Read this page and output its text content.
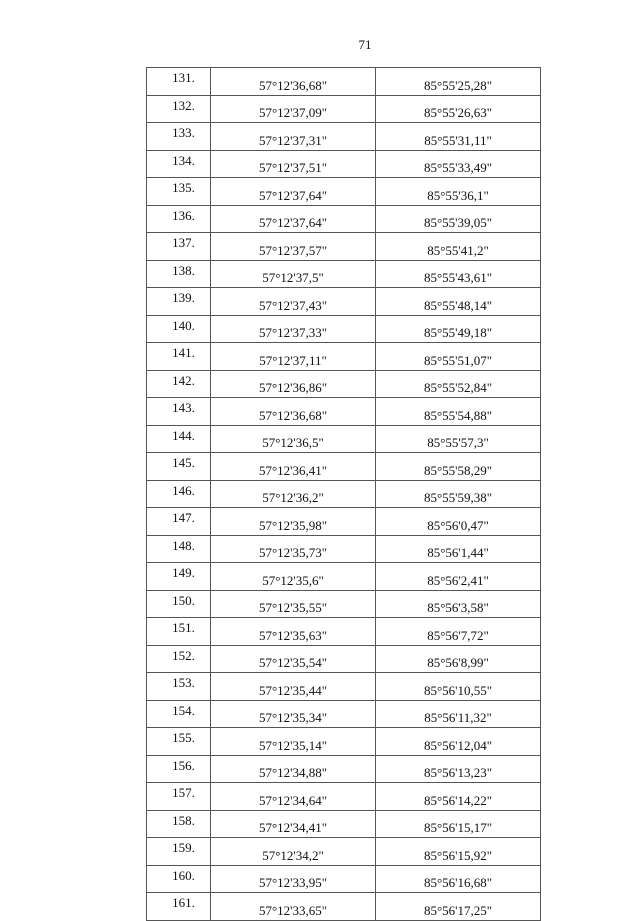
71
131.	57°12'36,68"	85°55'25,28"
132.	57°12'37,09"	85°55'26,63"
133.	57°12'37,31"	85°55'31,11"
134.	57°12'37,51"	85°55'33,49"
135.	57°12'37,64"	85°55'36,1"
136.	57°12'37,64"	85°55'39,05"
137.	57°12'37,57"	85°55'41,2"
138.	57°12'37,5"	85°55'43,61"
139.	57°12'37,43"	85°55'48,14"
140.	57°12'37,33"	85°55'49,18"
141.	57°12'37,11"	85°55'51,07"
142.	57°12'36,86"	85°55'52,84"
143.	57°12'36,68"	85°55'54,88"
144.	57°12'36,5"	85°55'57,3"
145.	57°12'36,41"	85°55'58,29"
146.	57°12'36,2"	85°55'59,38"
147.	57°12'35,98"	85°56'0,47"
148.	57°12'35,73"	85°56'1,44"
149.	57°12'35,6"	85°56'2,41"
150.	57°12'35,55"	85°56'3,58"
151.	57°12'35,63"	85°56'7,72"
152.	57°12'35,54"	85°56'8,99"
153.	57°12'35,44"	85°56'10,55"
154.	57°12'35,34"	85°56'11,32"
155.	57°12'35,14"	85°56'12,04"
156.	57°12'34,88"	85°56'13,23"
157.	57°12'34,64"	85°56'14,22"
158.	57°12'34,41"	85°56'15,17"
159.	57°12'34,2"	85°56'15,92"
160.	57°12'33,95"	85°56'16,68"
161.	57°12'33,65"	85°56'17,25"
